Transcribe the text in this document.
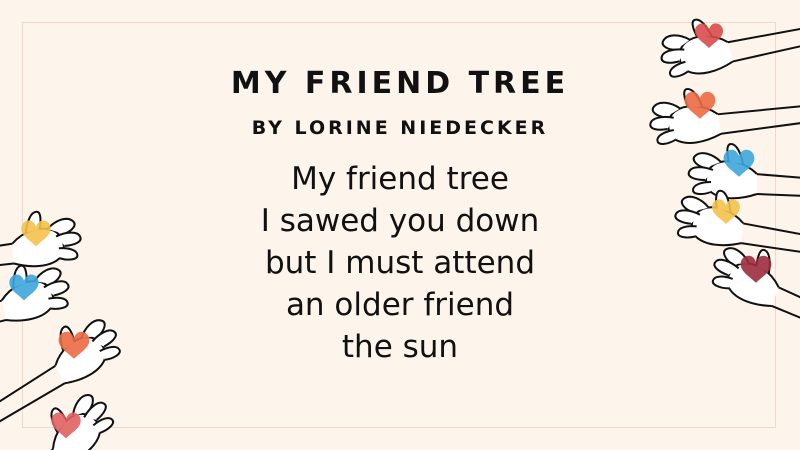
MY FRIEND TREE
BY LORINE NIEDECKER
My friend tree
I sawed you down
but I must attend
an older friend
the sun
